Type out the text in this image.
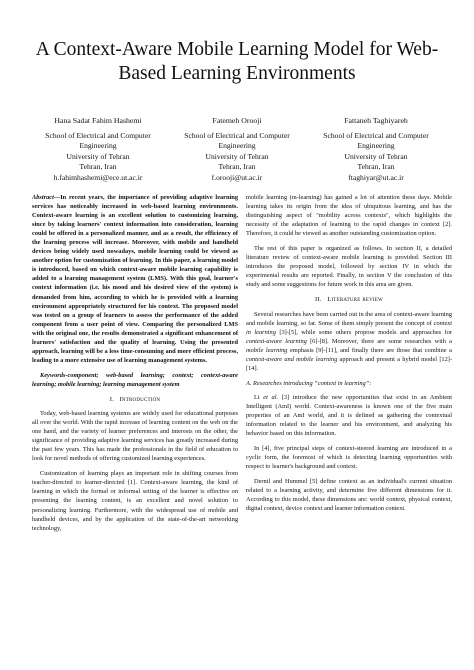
A Context-Aware Mobile Learning Model for Web-Based Learning Environments
Hana Sadat Fahim Hashemi
School of Electrical and Computer Engineering
University of Tehran
Tehran, Iran
h.fahimhashemi@ece.ut.ac.ir
Fatemeh Orooji
School of Electrical and Computer Engineering
University of Tehran
Tehran, Iran
f.orooji@ut.ac.ir
Fattaneh Taghiyareh
School of Electrical and Computer Engineering
University of Tehran
Tehran, Iran
ftaghiyar@ut.ac.ir

Abstract—In recent years, the importance of providing adaptive learning services has noticeably increased in web-based learning environments. Context-aware learning is an excellent solution to customizing learning, since by taking learners' context information into consideration, learning could be offered in a personalized manner, and as a result, the efficiency of the learning process will increase. Moreover, with mobile and handheld devices being widely used nowadays, mobile learning could be viewed as another option for customization of learning. In this paper, a learning model is introduced, based on which context-aware mobile learning capability is added to a learning management system (LMS). With this goal, learner's context information (i.e. his mood and his desired view of the system) is demanded from him, according to which he is provided with a learning environment appropriately structured for his context. The proposed model was tested on a group of learners to assess the performance of the added component from a user point of view. Comparing the personalized LMS with the original one, the results demonstrated a significant enhancement of learners' satisfaction and the quality of learning. Using the presented approach, learning will be a less time-consuming and more efficient process, leading to a more extensive use of learning management systems.

Keywords-component; web-based learning; context; context-aware learning; mobile learning; learning management system

I. Introduction

Today, web-based learning systems are widely used for educational purposes all over the world. With the rapid increase of learning content on the web on the one hand, and the variety of learner preferences and interests on the other, the significance of providing adaptive learning services has greatly increased during the past few years. This has made the professionals in the field of education to look for novel methods of offering customized learning experiences.

Customization of learning plays an important role in shifting courses from teacher-directed to learner-directed [1]. Context-aware learning, the kind of learning in which the formal or informal setting of the learner is effective on presenting the learning content, is an excellent and novel solution to personalizing learning. Furthermore, with the widespread use of mobile and handheld devices, and by the application of the state-of-the-art networking technology,

mobile learning (m-learning) has gained a lot of attention these days. Mobile learning takes its origin from the idea of ubiquitous learning, and has the distinguishing aspect of "mobility across contexts", which highlights the necessity of the adaptation of learning to the rapid changes in context [2]. Therefore, it could be viewed as another outstanding customization option.

The rest of this paper is organized as follows. In section II, a detailed literature review of context-aware mobile learning is provided. Section III introduces the proposed model, followed by section IV in which the experimental results are reported. Finally, in section V the conclusion of this study and some suggestions for future work in this area are given.

II. Literature review

Several researches have been carried out in the area of context-aware learning and mobile learning, so far. Some of them simply present the concept of context in learning [3]-[5], while some others propose models and approaches for context-aware learning [6]-[8]. Moreover, there are some researches with a mobile learning emphasis [9]-[11], and finally there are those that combine a context-aware and mobile learning approach and present a hybrid model [12]-[14].

A. Researches introducing “context in learning”:

Li et al. [3] introduce the new opportunities that exist in an Ambient Intelligent (AmI) world. Context-awareness is known one of the five main properties of an AmI world, and it is defined as gathering the contextual information related to the learner and his environment, and analyzing his behavior based on this information.

In [4], five principal steps of context-steered learning are introduced in a cyclic form, the foremost of which is detecting learning opportunities with respect to learner's background and context.

Derntl and Hummel [5] define context as an individual's current situation related to a learning activity, and determine five different dimensions for it. According to this model, these dimensions are: world context, physical context, digital context, device context and learner information context.
